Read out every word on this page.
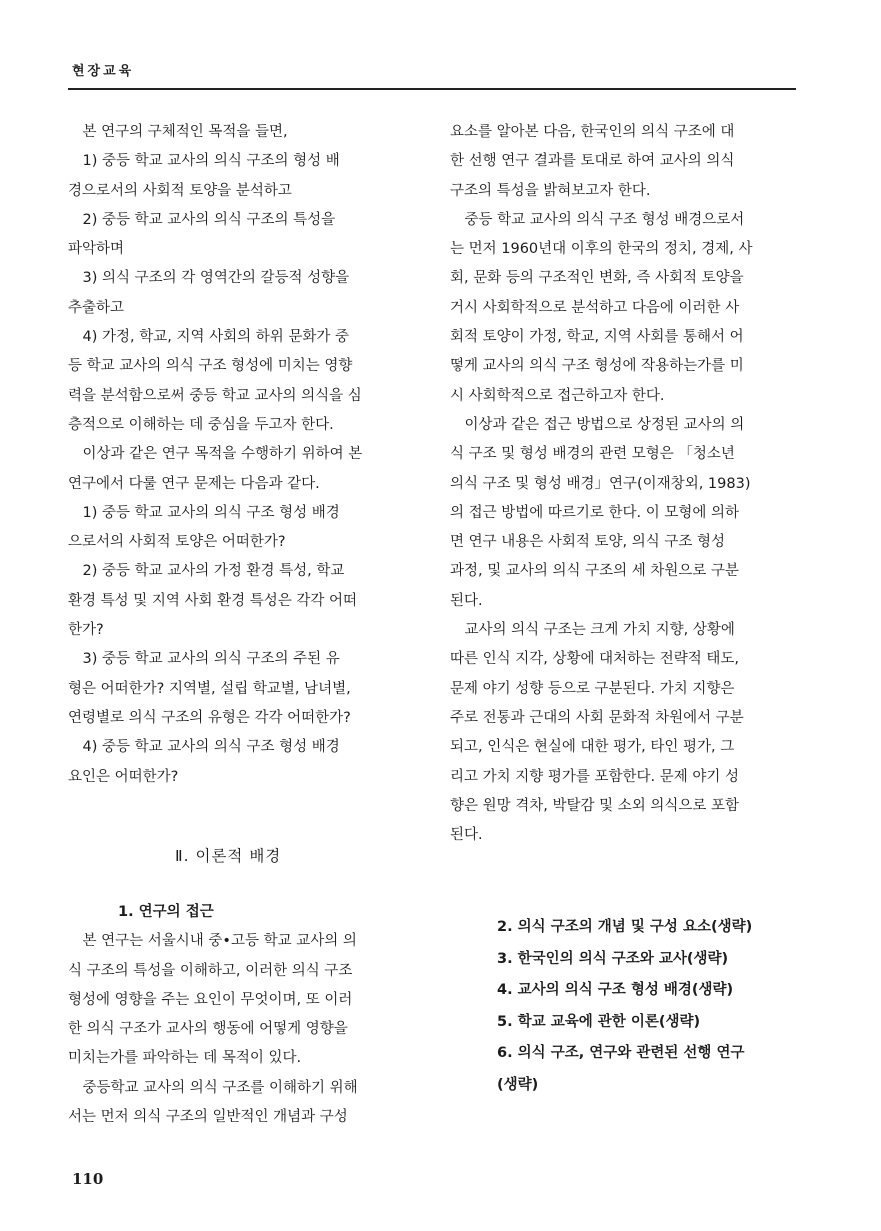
현장교육
　본 연구의 구체적인 목적을 들면,
　1) 중등 학교 교사의 의식 구조의 형성 배
경으로서의 사회적 토양을 분석하고
　2) 중등 학교 교사의 의식 구조의 특성을
파악하며
　3) 의식 구조의 각 영역간의 갈등적 성향을
추출하고
　4) 가정, 학교, 지역 사회의 하위 문화가 중
등 학교 교사의 의식 구조 형성에 미치는 영향
력을 분석함으로써 중등 학교 교사의 의식을 심
층적으로 이해하는 데 중심을 두고자 한다.
　이상과 같은 연구 목적을 수행하기 위하여 본
연구에서 다룰 연구 문제는 다음과 같다.
　1) 중등 학교 교사의 의식 구조 형성 배경
으로서의 사회적 토양은 어떠한가?
　2) 중등 학교 교사의 가정 환경 특성, 학교
환경 특성 및 지역 사회 환경 특성은 각각 어떠
한가?
　3) 중등 학교 교사의 의식 구조의 주된 유
형은 어떠한가? 지역별, 설립 학교별, 남녀별,
연령별로 의식 구조의 유형은 각각 어떠한가?
　4) 중등 학교 교사의 의식 구조 형성 배경
요인은 어떠한가?
Ⅱ. 이론적 배경
1. 연구의 접근
　본 연구는 서울시내 중•고등 학교 교사의 의
식 구조의 특성을 이해하고, 이러한 의식 구조
형성에 영향을 주는 요인이 무엇이며, 또 이러
한 의식 구조가 교사의 행동에 어떻게 영향을
미치는가를 파악하는 데 목적이 있다.
　중등학교 교사의 의식 구조를 이해하기 위해
서는 먼저 의식 구조의 일반적인 개념과 구성
요소를 알아본 다음, 한국인의 의식 구조에 대
한 선행 연구 결과를 토대로 하여 교사의 의식
구조의 특성을 밝혀보고자 한다.
　중등 학교 교사의 의식 구조 형성 배경으로서
는 먼저 1960년대 이후의 한국의 정치, 경제, 사
회, 문화 등의 구조적인 변화, 즉 사회적 토양을
거시 사회학적으로 분석하고 다음에 이러한 사
회적 토양이 가정, 학교, 지역 사회를 통해서 어
떻게 교사의 의식 구조 형성에 작용하는가를 미
시 사회학적으로 접근하고자 한다.
　이상과 같은 접근 방법으로 상정된 교사의 의
식 구조 및 형성 배경의 관련 모형은 「청소년
의식 구조 및 형성 배경」연구(이재창외, 1983)
의 접근 방법에 따르기로 한다. 이 모형에 의하
면 연구 내용은 사회적 토양, 의식 구조 형성
과정, 및 교사의 의식 구조의 세 차원으로 구분
된다.
　교사의 의식 구조는 크게 가치 지향, 상황에
따른 인식 지각, 상황에 대처하는 전략적 태도,
문제 야기 성향 등으로 구분된다. 가치 지향은
주로 전통과 근대의 사회 문화적 차원에서 구분
되고, 인식은 현실에 대한 평가, 타인 평가, 그
리고 가치 지향 평가를 포함한다. 문제 야기 성
향은 원망 격차, 박탈감 및 소외 의식으로 포함
된다.
2. 의식 구조의 개념 및 구성 요소(생략)
3. 한국인의 의식 구조와 교사(생략)
4. 교사의 의식 구조 형성 배경(생략)
5. 학교 교육에 관한 이론(생략)
6. 의식 구조, 연구와 관련된 선행 연구
(생략)
110
